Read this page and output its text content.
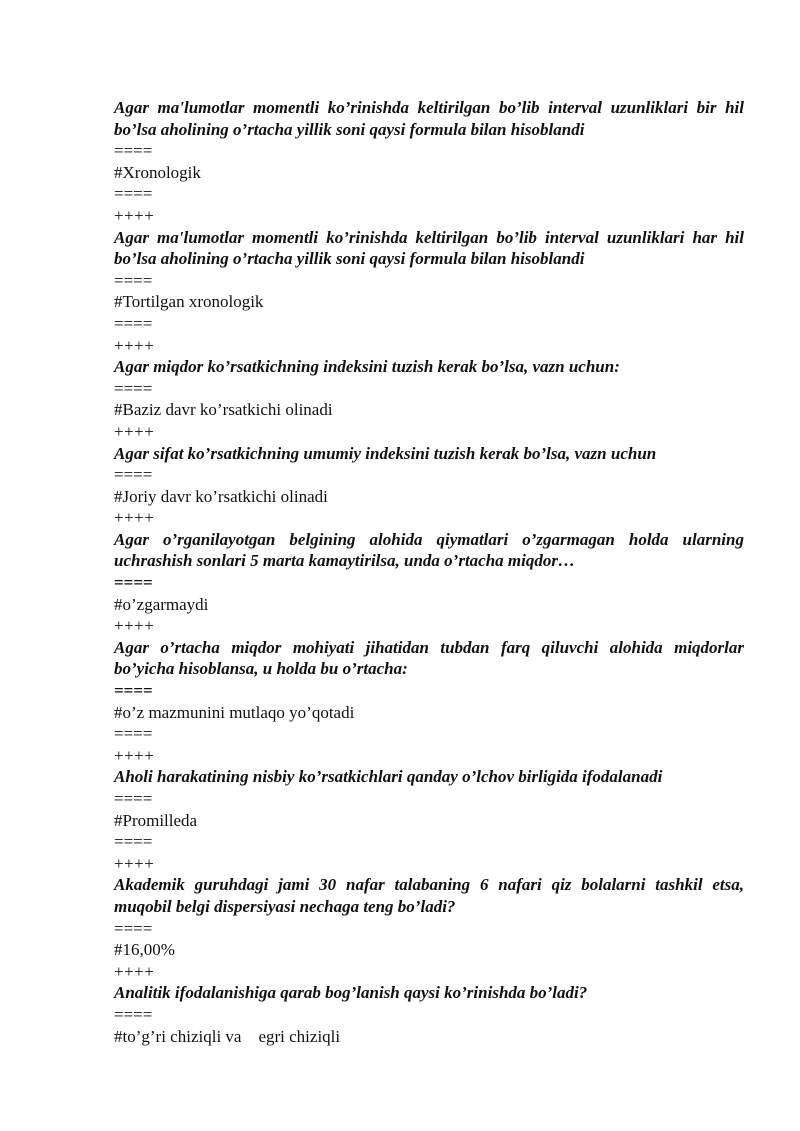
Agar ma'lumotlar momentli ko’rinishda keltirilgan bo’lib interval uzunliklari bir hil bo’lsa aholining o’rtacha yillik soni qaysi formula bilan hisoblandi
====
#Xronologik
====
++++
Agar ma'lumotlar momentli ko’rinishda keltirilgan bo’lib interval uzunliklari har hil bo’lsa aholining o’rtacha yillik soni qaysi formula bilan hisoblandi
====
#Tortilgan xronologik
====
++++
Agar miqdor ko’rsatkichning indeksini tuzish kerak bo’lsa, vazn uchun:
====
#Baziz davr ko’rsatkichi olinadi
++++
Agar sifat ko’rsatkichning umumiy indeksini tuzish kerak bo’lsa, vazn uchun
====
#Joriy davr ko’rsatkichi olinadi
++++
Agar o’rganilayotgan belgining alohida qiymatlari o’zgarmagan holda ularning uchrashish sonlari 5 marta kamaytirilsa, unda o’rtacha miqdor…
====
#o’zgarmaydi
++++
Agar o’rtacha miqdor mohiyati jihatidan tubdan farq qiluvchi alohida miqdorlar bo’yicha hisoblansa, u holda bu o’rtacha:
====
#o’z mazmunini mutlaqo yo’qotadi
====
++++
Aholi harakatining nisbiy ko’rsatkichlari qanday o’lchov birligida ifodalanadi
====
#Promilleda
====
++++
Akademik guruhdagi jami 30 nafar talabaning 6 nafari qiz bolalarni tashkil etsa, muqobil belgi dispersiyasi nechaga teng bo’ladi?
====
#16,00%
++++
Analitik ifodalanishiga qarab bog’lanish qaysi ko’rinishda bo’ladi?
====
#to’g’ri chiziqli va    egri chiziqli
